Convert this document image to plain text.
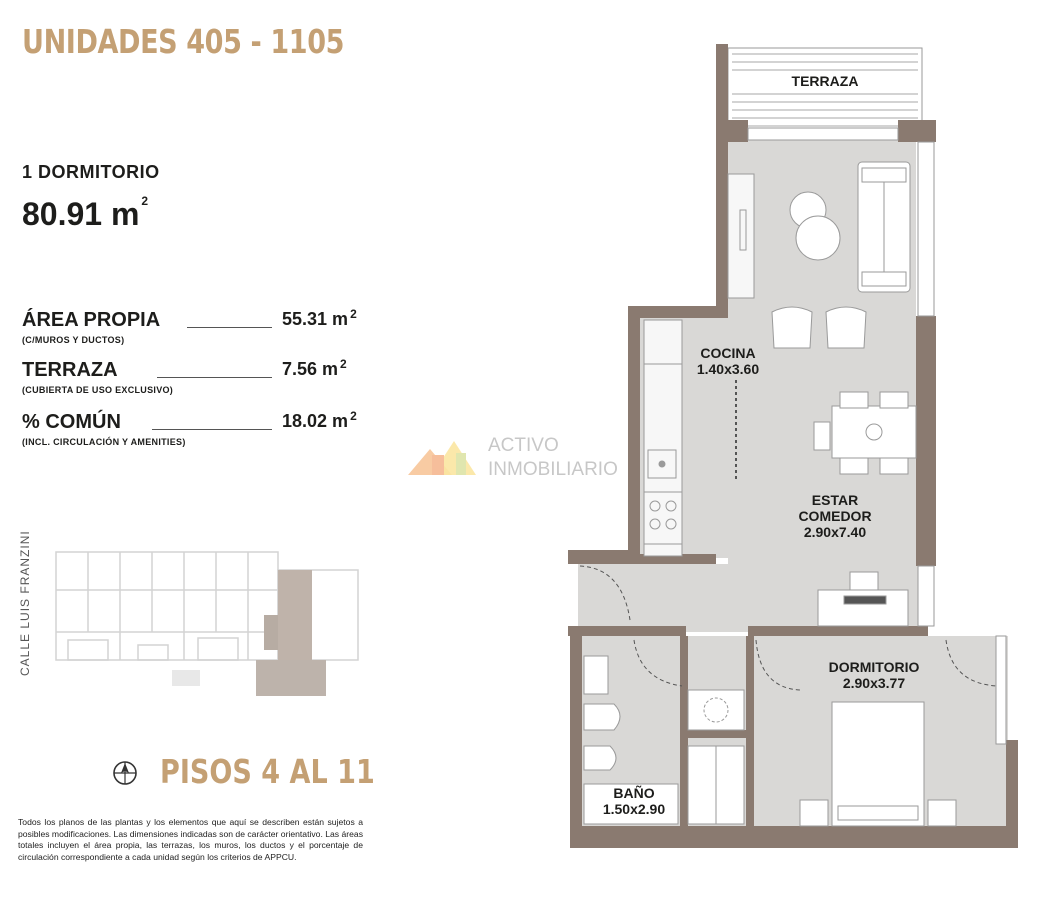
UNIDADES 405 - 1105
1 DORMITORIO
80.91 m $^2$
ÁREA PROPIA	55.31 m $^2$
(C/MUROS Y DUCTOS)
TERRAZA	7.56 m $^2$
(CUBIERTA DE USO EXCLUSIVO)
% COMÚN	18.02 m $^2$
(INCL. CIRCULACIÓN Y AMENITIES)
CALLE LUIS FRANZINI
PISOS 4 AL 11
Todos los planos de las plantas y los elementos que aquí se describen están sujetos a posibles modificaciones. Las dimensiones indicadas son de carácter orientativo. Las áreas totales incluyen el área propia, las terrazas, los muros, los ductos y el porcentaje de circulación correspondiente a cada unidad según los criterios de APPCU.
ACTIVO
INMOBILIARIO
TERRAZA
COCINA
1.40x3.60
ESTAR
COMEDOR
2.90x7.40
DORMITORIO
2.90x3.77
BAÑO
1.50x2.90
